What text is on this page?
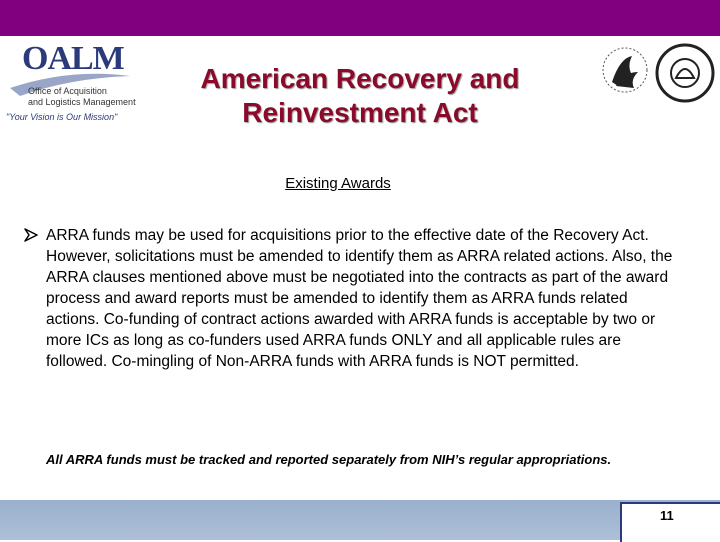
OALM
Office of Acquisition
and Logistics Management
"Your Vision is Our Mission"
American Recovery and
Reinvestment Act
Existing Awards
ARRA funds may be used for acquisitions prior to the effective date of the Recovery Act. However, solicitations must be amended to identify them as ARRA related actions. Also, the ARRA clauses mentioned above must be negotiated into the contracts as part of the award process and award reports must be amended to identify them as ARRA funds related actions. Co-funding of contract actions awarded with ARRA funds is acceptable by two or more ICs as long as co-funders used ARRA funds ONLY and all applicable rules are followed. Co-mingling of Non-ARRA funds with ARRA funds is NOT permitted.
All ARRA funds must be tracked and reported separately from NIH’s regular appropriations.
11
